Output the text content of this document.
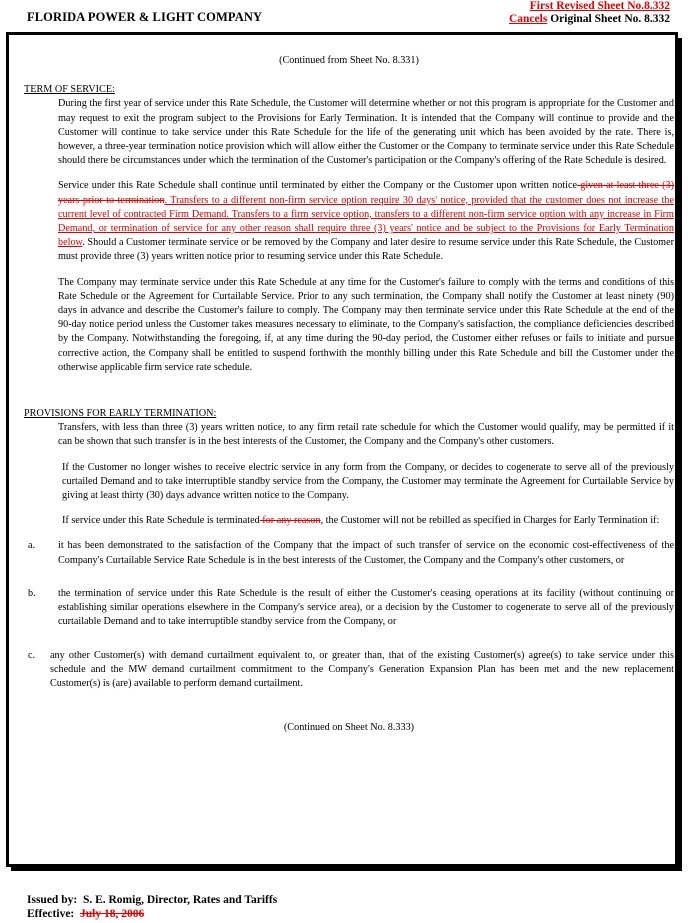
FLORIDA POWER & LIGHT COMPANY
First Revised Sheet No.8.332
Cancels Original Sheet No. 8.332
(Continued from Sheet No. 8.331)
TERM OF SERVICE:

During the first year of service under this Rate Schedule, the Customer will determine whether or not this program is appropriate for the Customer and may request to exit the program subject to the Provisions for Early Termination. It is intended that the Company will continue to provide and the Customer will continue to take service under this Rate Schedule for the life of the generating unit which has been avoided by the rate. There is, however, a three-year termination notice provision which will allow either the Customer or the Company to terminate service under this Rate Schedule should there be circumstances under which the termination of the Customer's participation or the Company's offering of the Rate Schedule is desired.

Service under this Rate Schedule shall continue until terminated by either the Company or the Customer upon written notice given at least three (3) years prior to termination. Transfers to a different non-firm service option require 30 days' notice, provided that the customer does not increase the current level of contracted Firm Demand. Transfers to a firm service option, transfers to a different non-firm service option with any increase in Firm Demand, or termination of service for any other reason shall require three (3) years' notice and be subject to the Provisions for Early Termination below. Should a Customer terminate service or be removed by the Company and later desire to resume service under this Rate Schedule, the Customer must provide three (3) years written notice prior to resuming service under this Rate Schedule.

The Company may terminate service under this Rate Schedule at any time for the Customer's failure to comply with the terms and conditions of this Rate Schedule or the Agreement for Curtailable Service. Prior to any such termination, the Company shall notify the Customer at least ninety (90) days in advance and describe the Customer's failure to comply. The Company may then terminate service under this Rate Schedule at the end of the 90-day notice period unless the Customer takes measures necessary to eliminate, to the Company's satisfaction, the compliance deficiencies described by the Company. Notwithstanding the foregoing, if, at any time during the 90-day period, the Customer either refuses or fails to initiate and pursue corrective action, the Company shall be entitled to suspend forthwith the monthly billing under this Rate Schedule and bill the Customer under the otherwise applicable firm service rate schedule.

PROVISIONS FOR EARLY TERMINATION:

Transfers, with less than three (3) years written notice, to any firm retail rate schedule for which the Customer would qualify, may be permitted if it can be shown that such transfer is in the best interests of the Customer, the Company and the Company's other customers.

If the Customer no longer wishes to receive electric service in any form from the Company, or decides to cogenerate to serve all of the previously curtailed Demand and to take interruptible standby service from the Company, the Customer may terminate the Agreement for Curtailable Service by giving at least thirty (30) days advance written notice to the Company.

If service under this Rate Schedule is terminated for any reason, the Customer will not be rebilled as specified in Charges for Early Termination if:

a.	it has been demonstrated to the satisfaction of the Company that the impact of such transfer of service on the economic cost-effectiveness of the Company's Curtailable Service Rate Schedule is in the best interests of the Customer, the Company and the Company's other customers, or
b.	the termination of service under this Rate Schedule is the result of either the Customer's ceasing operations at its facility (without continuing or establishing similar operations elsewhere in the Company's service area), or a decision by the Customer to cogenerate to serve all of the previously curtailable Demand and to take interruptible standby service from the Company, or
c.	any other Customer(s) with demand curtailment equivalent to, or greater than, that of the existing Customer(s) agree(s) to take service under this schedule and the MW demand curtailment commitment to the Company's Generation Expansion Plan has been met and the new replacement Customer(s) is (are) available to perform demand curtailment.
(Continued on Sheet No. 8.333)
Issued by: S. E. Romig, Director, Rates and Tariffs
Effective: July 18, 2006
